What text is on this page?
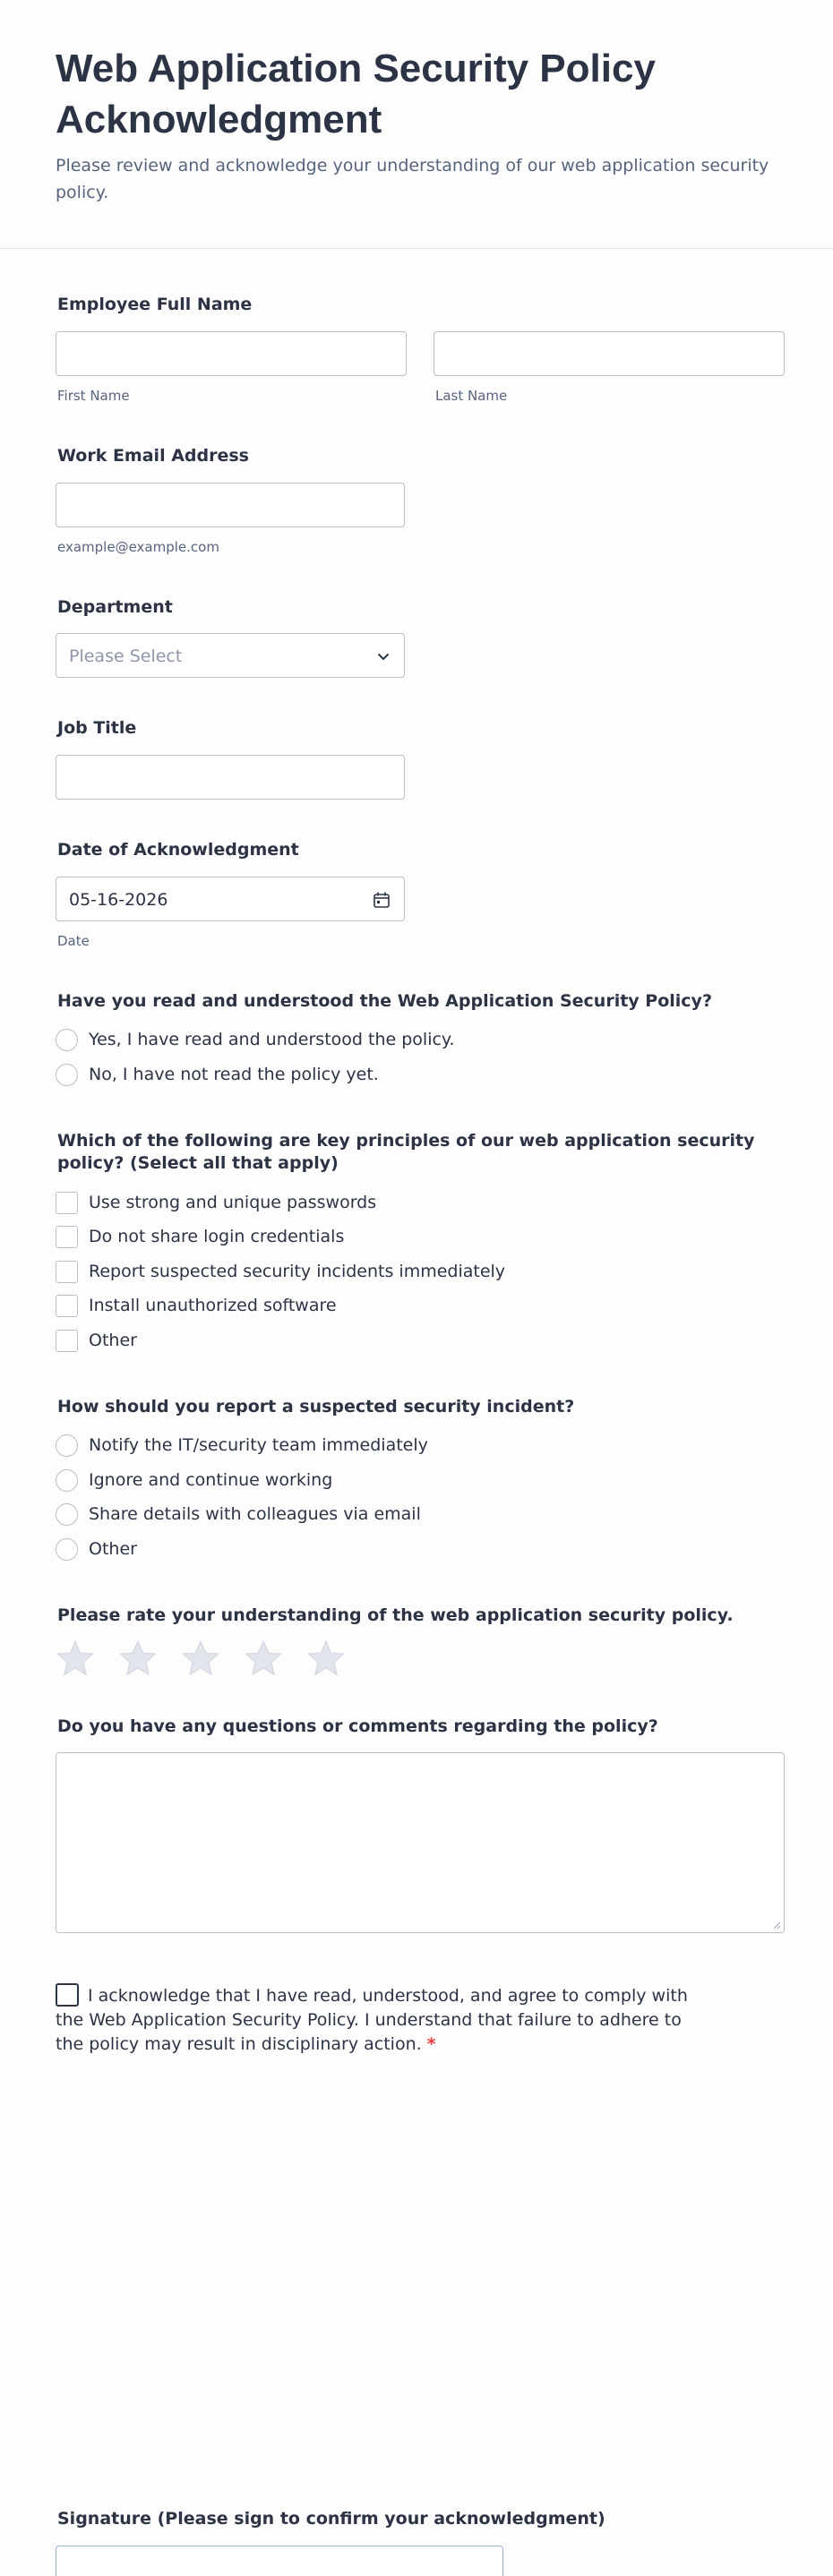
Web Application Security Policy Acknowledgment

Please review and acknowledge your understanding of our web application security policy.

Employee Full Name
First Name	Last Name
Work Email Address
example@example.com
Department
Please Select
Job Title
Date of Acknowledgment
05-16-2026
Date
Have you read and understood the Web Application Security Policy?
Yes, I have read and understood the policy.
No, I have not read the policy yet.
Which of the following are key principles of our web application security policy? (Select all that apply)
Use strong and unique passwords
Do not share login credentials
Report suspected security incidents immediately
Install unauthorized software
Other
How should you report a suspected security incident?
Notify the IT/security team immediately
Ignore and continue working
Share details with colleagues via email
Other
Please rate your understanding of the web application security policy.
Do you have any questions or comments regarding the policy?
I acknowledge that I have read, understood, and agree to comply with the Web Application Security Policy. I understand that failure to adhere to the policy may result in disciplinary action. *
Signature (Please sign to confirm your acknowledgment)
